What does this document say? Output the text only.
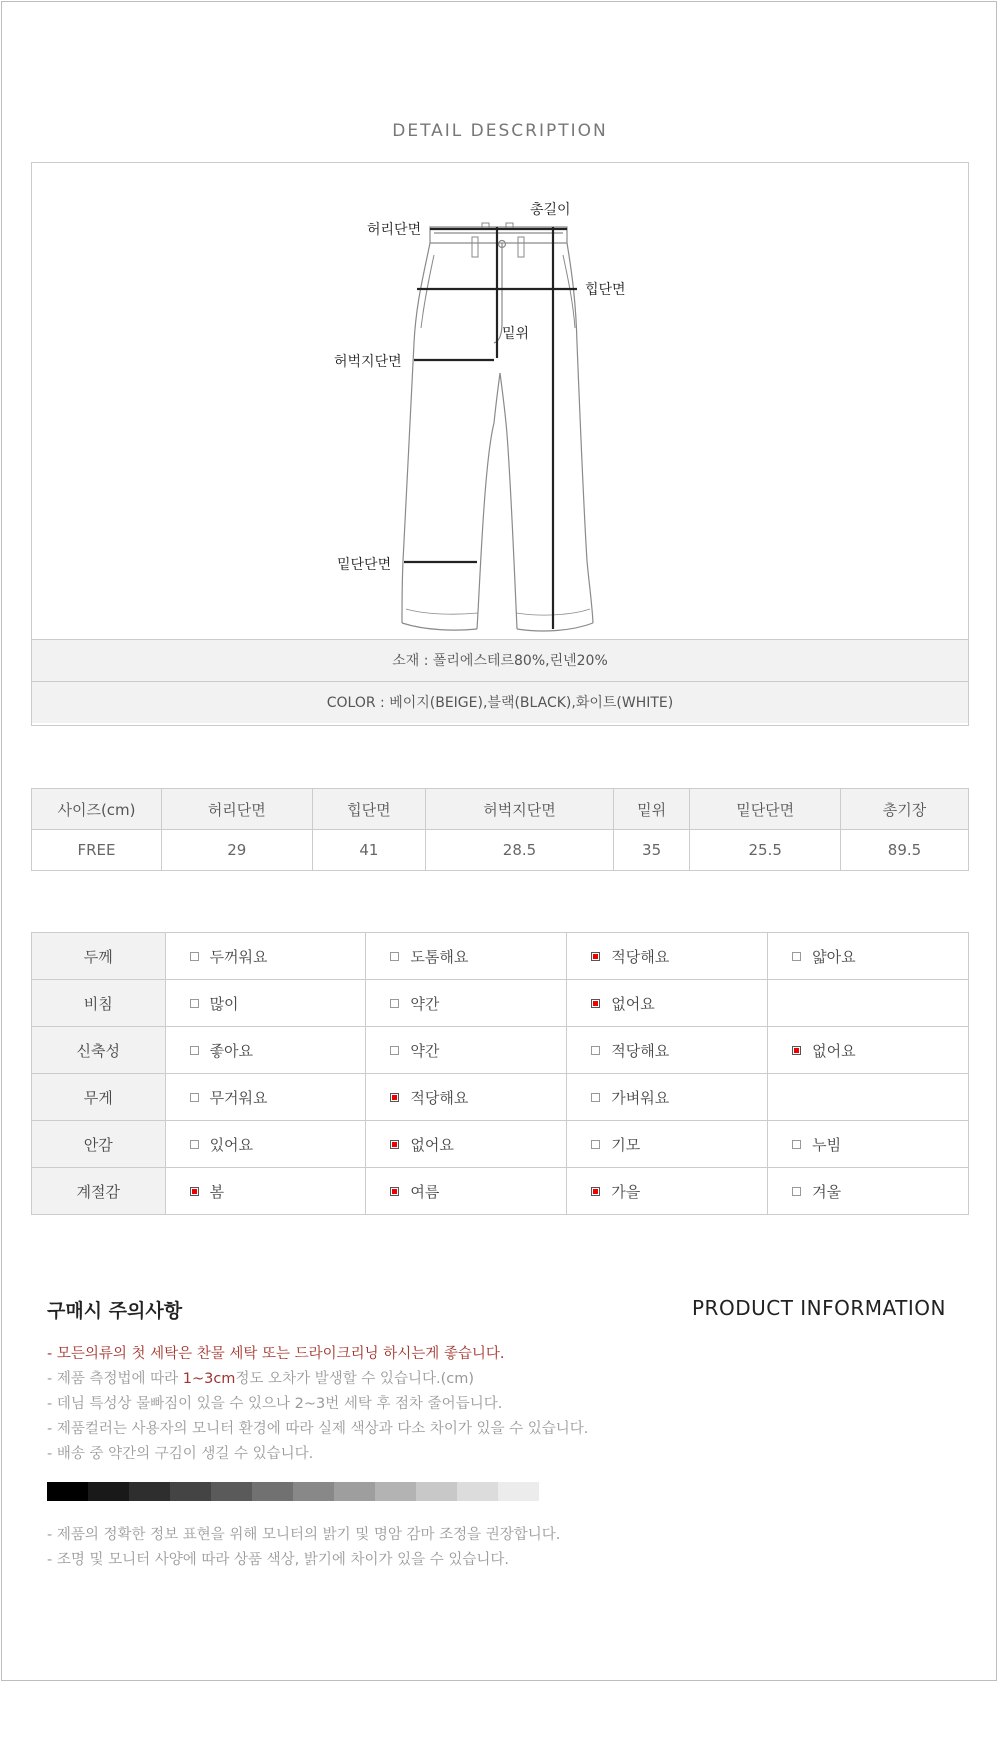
DETAIL DESCRIPTION
허리단면
총길이
힙단면
밑위
허벅지단면
밑단단면
소재 : 폴리에스테르80%,린넨20%
COLOR : 베이지(BEIGE),블랙(BLACK),화이트(WHITE)
사이즈(cm)	허리단면	힙단면	허벅지단면	밑위	밑단단면	총기장
FREE	29	41	28.5	35	25.5	89.5
두께	두꺼워요	도톰해요	적당해요	얇아요
비침	많이	약간	없어요	
신축성	좋아요	약간	적당해요	없어요
무게	무거워요	적당해요	가벼워요	
안감	있어요	없어요	기모	누빔
계절감	봄	여름	가을	겨울
구매시 주의사항	PRODUCT INFORMATION
- 모든의류의 첫 세탁은 찬물 세탁 또는 드라이크리닝 하시는게 좋습니다.
- 제품 측정법에 따라 1~3cm정도 오차가 발생할 수 있습니다.(cm)
- 데님 특성상 물빠짐이 있을 수 있으나 2~3번 세탁 후 점차 줄어듭니다.
- 제품컬러는 사용자의 모니터 환경에 따라 실제 색상과 다소 차이가 있을 수 있습니다.
- 배송 중 약간의 구김이 생길 수 있습니다.
- 제품의 정확한 정보 표현을 위해 모니터의 밝기 및 명암 감마 조정을 권장합니다.
- 조명 및 모니터 사양에 따라 상품 색상, 밝기에 차이가 있을 수 있습니다.
